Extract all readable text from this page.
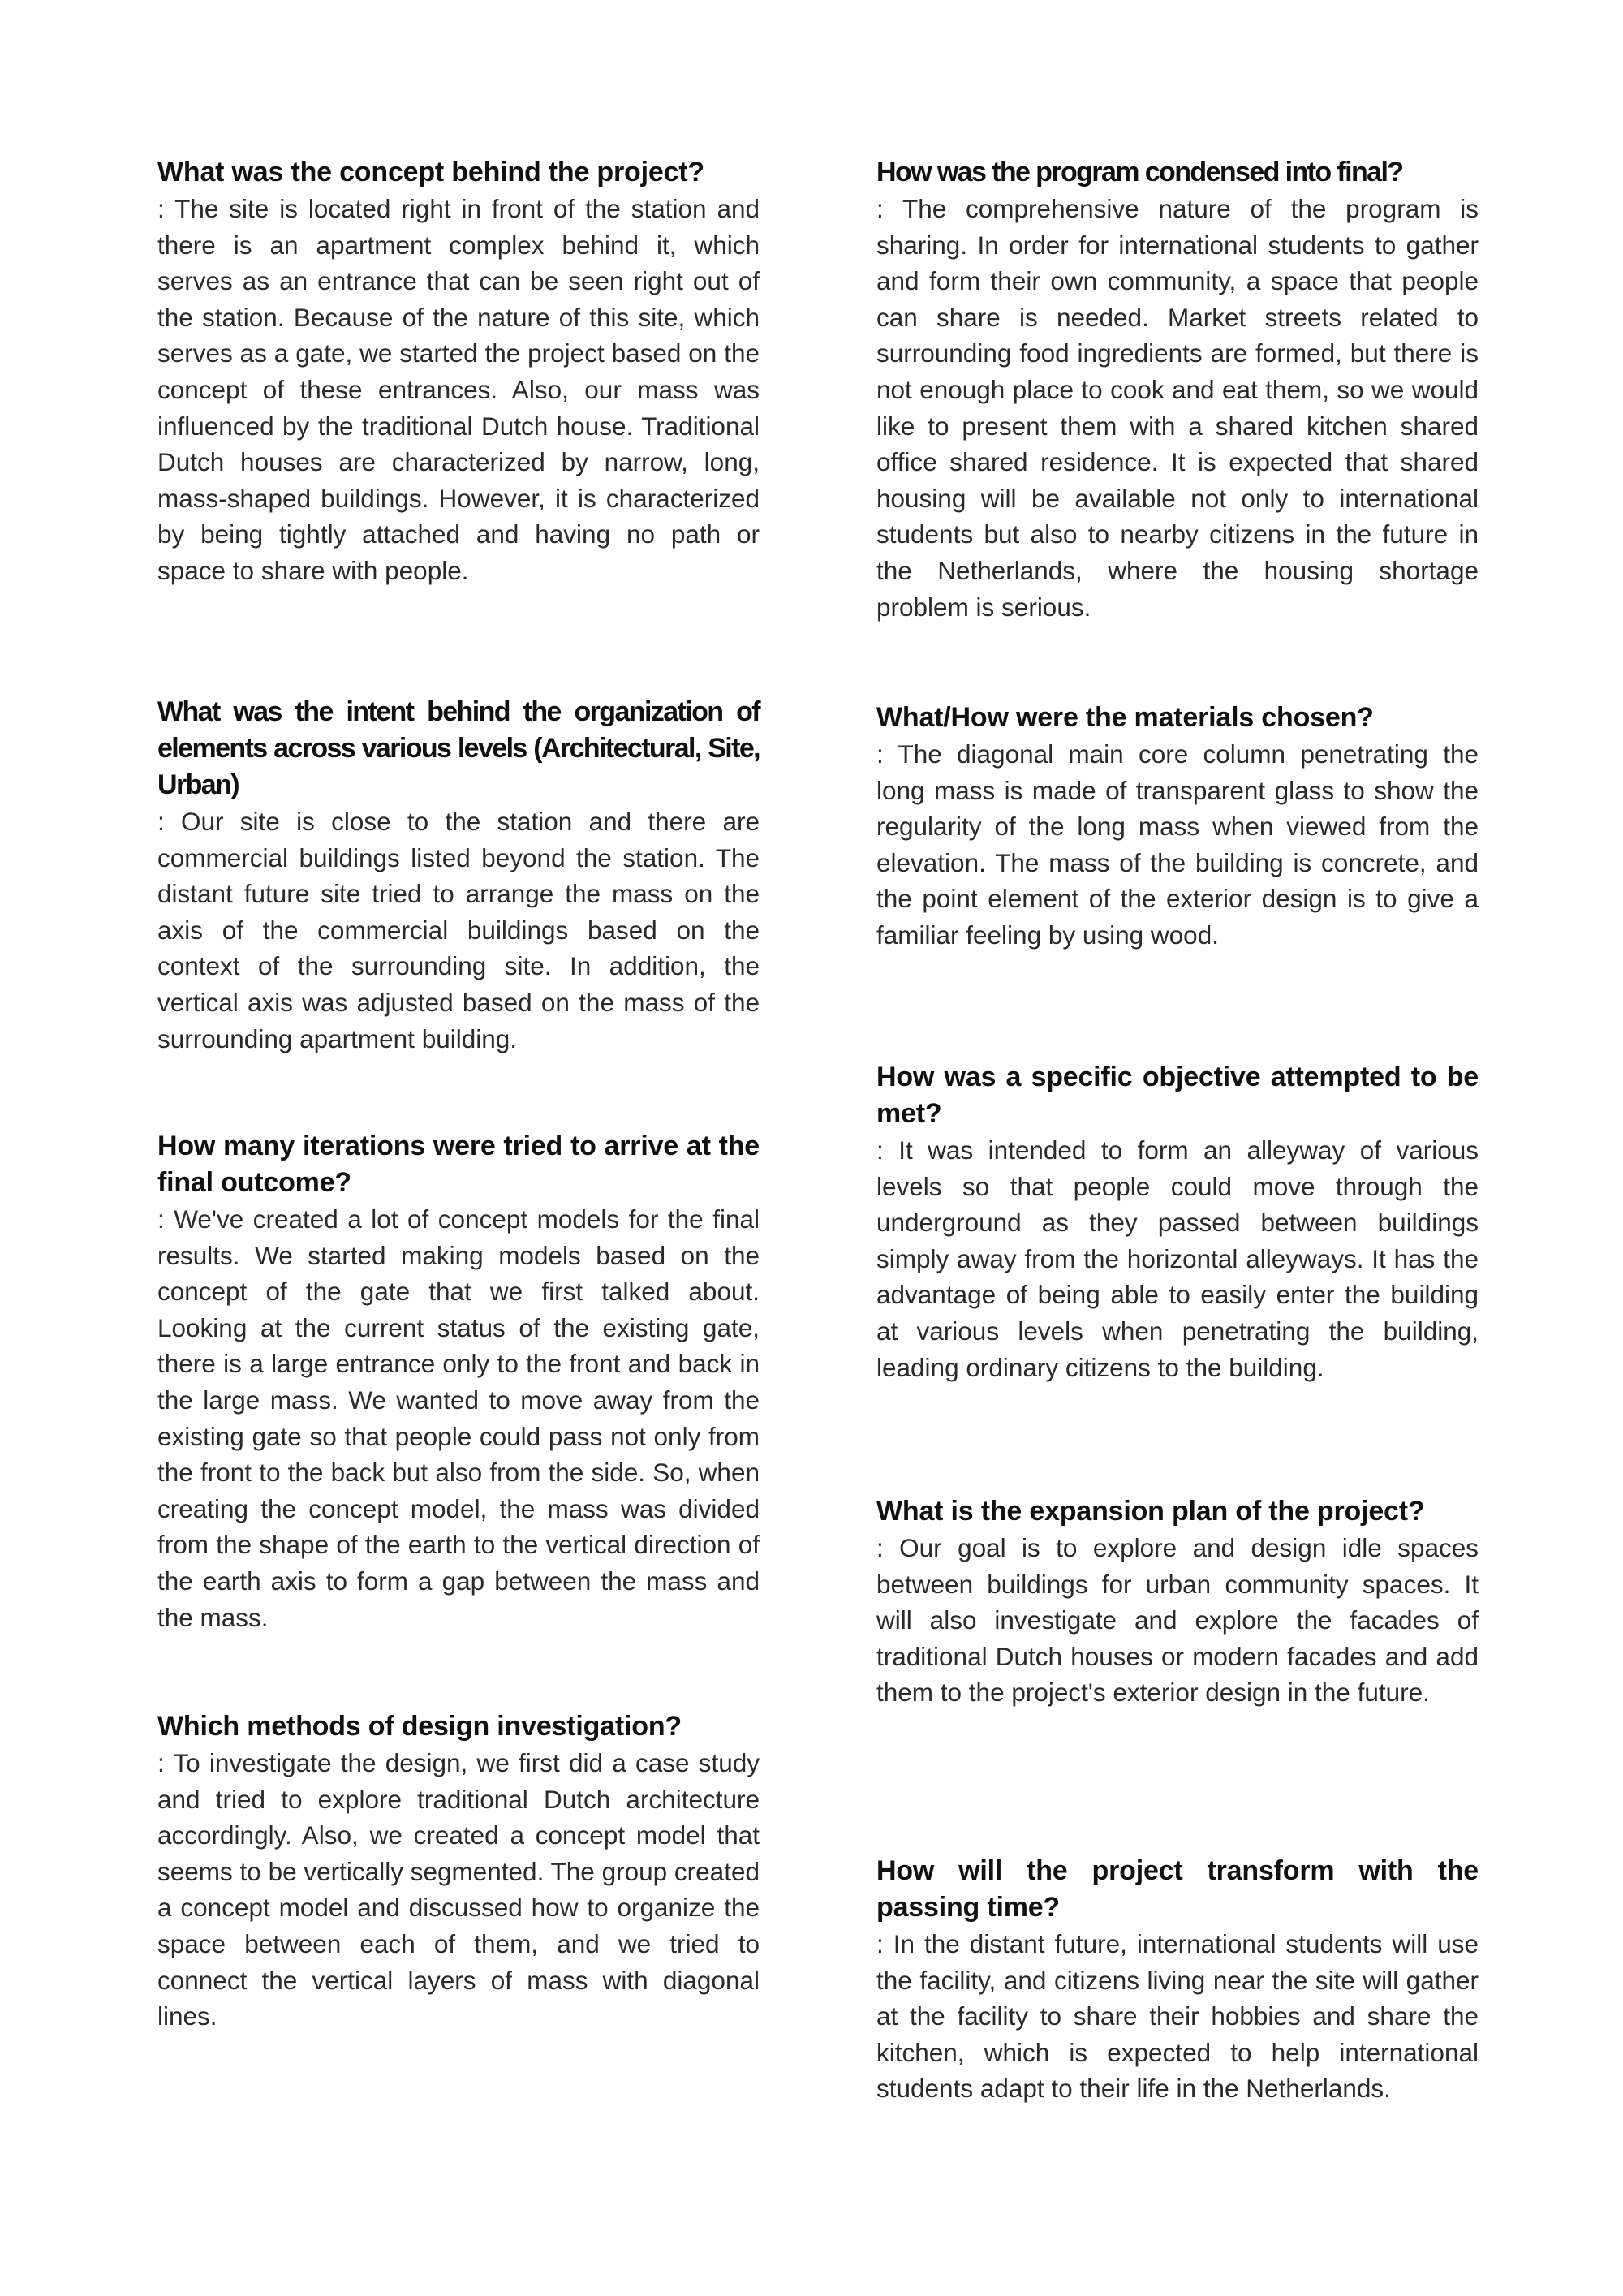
What was the concept behind the project?

: The site is located right in front of the station and there is an apartment complex behind it, which serves as an entrance that can be seen right out of the station. Because of the nature of this site, which serves as a gate, we started the project based on the concept of these entrances. Also, our mass was influenced by the traditional Dutch house. Traditional Dutch houses are characterized by narrow, long, mass-shaped buildings. However, it is characterized by being tightly attached and having no path or space to share with people.

What was the intent behind the organization of elements across various levels (Architectural, Site, Urban)

: Our site is close to the station and there are commercial buildings listed beyond the station. The distant future site tried to arrange the mass on the axis of the commercial buildings based on the context of the surrounding site. In addition, the vertical axis was adjusted based on the mass of the surrounding apartment building.

How many iterations were tried to arrive at the final outcome?

: We've created a lot of concept models for the final results. We started making models based on the concept of the gate that we first talked about. Looking at the current status of the existing gate, there is a large entrance only to the front and back in the large mass. We wanted to move away from the existing gate so that people could pass not only from the front to the back but also from the side. So, when creating the concept model, the mass was divided from the shape of the earth to the vertical direction of the earth axis to form a gap between the mass and the mass.

Which methods of design investigation?

: To investigate the design, we first did a case study and tried to explore traditional Dutch architecture accordingly. Also, we created a concept model that seems to be vertically segmented. The group created a concept model and discussed how to organize the space between each of them, and we tried to connect the vertical layers of mass with diagonal lines.

How was the program condensed into final?

: The comprehensive nature of the program is sharing. In order for international students to gather and form their own community, a space that people can share is needed. Market streets related to surrounding food ingredients are formed, but there is not enough place to cook and eat them, so we would like to present them with a shared kitchen shared office shared residence. It is expected that shared housing will be available not only to international students but also to nearby citizens in the future in the Netherlands, where the housing shortage problem is serious.

What/How were the materials chosen?

: The diagonal main core column penetrating the long mass is made of transparent glass to show the regularity of the long mass when viewed from the elevation. The mass of the building is concrete, and the point element of the exterior design is to give a familiar feeling by using wood.

How was a specific objective attempted to be met?

: It was intended to form an alleyway of various levels so that people could move through the underground as they passed between buildings simply away from the horizontal alleyways. It has the advantage of being able to easily enter the building at various levels when penetrating the building, leading ordinary citizens to the building.

What is the expansion plan of the project?

: Our goal is to explore and design idle spaces between buildings for urban community spaces. It will also investigate and explore the facades of traditional Dutch houses or modern facades and add them to the project's exterior design in the future.

How will the project transform with the passing time?

: In the distant future, international students will use the facility, and citizens living near the site will gather at the facility to share their hobbies and share the kitchen, which is expected to help international students adapt to their life in the Netherlands.
